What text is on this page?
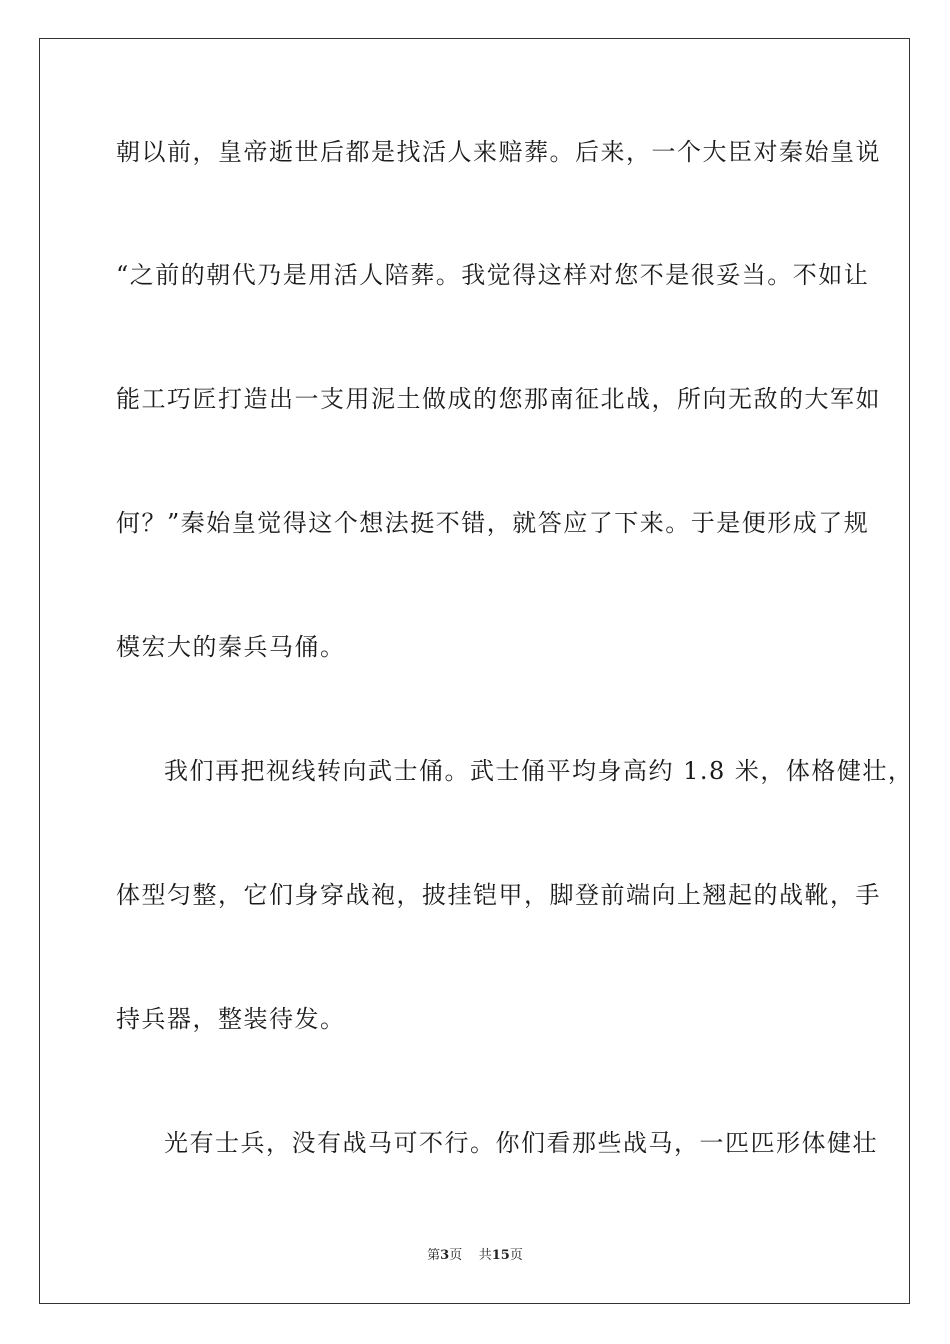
朝以前，皇帝逝世后都是找活人来赔葬。后来，一个大臣对秦始皇说
“之前的朝代乃是用活人陪葬。我觉得这样对您不是很妥当。不如让
能工巧匠打造出一支用泥土做成的您那南征北战，所向无敌的大军如
何？”秦始皇觉得这个想法挺不错，就答应了下来。于是便形成了规
模宏大的秦兵马俑。
我们再把视线转向武士俑。武士俑平均身高约 1.8 米，体格健壮，
体型匀整，它们身穿战袍，披挂铠甲，脚登前端向上翘起的战靴，手
持兵器，整装待发。
光有士兵，没有战马可不行。你们看那些战马，一匹匹形体健壮
第3页 共15页
